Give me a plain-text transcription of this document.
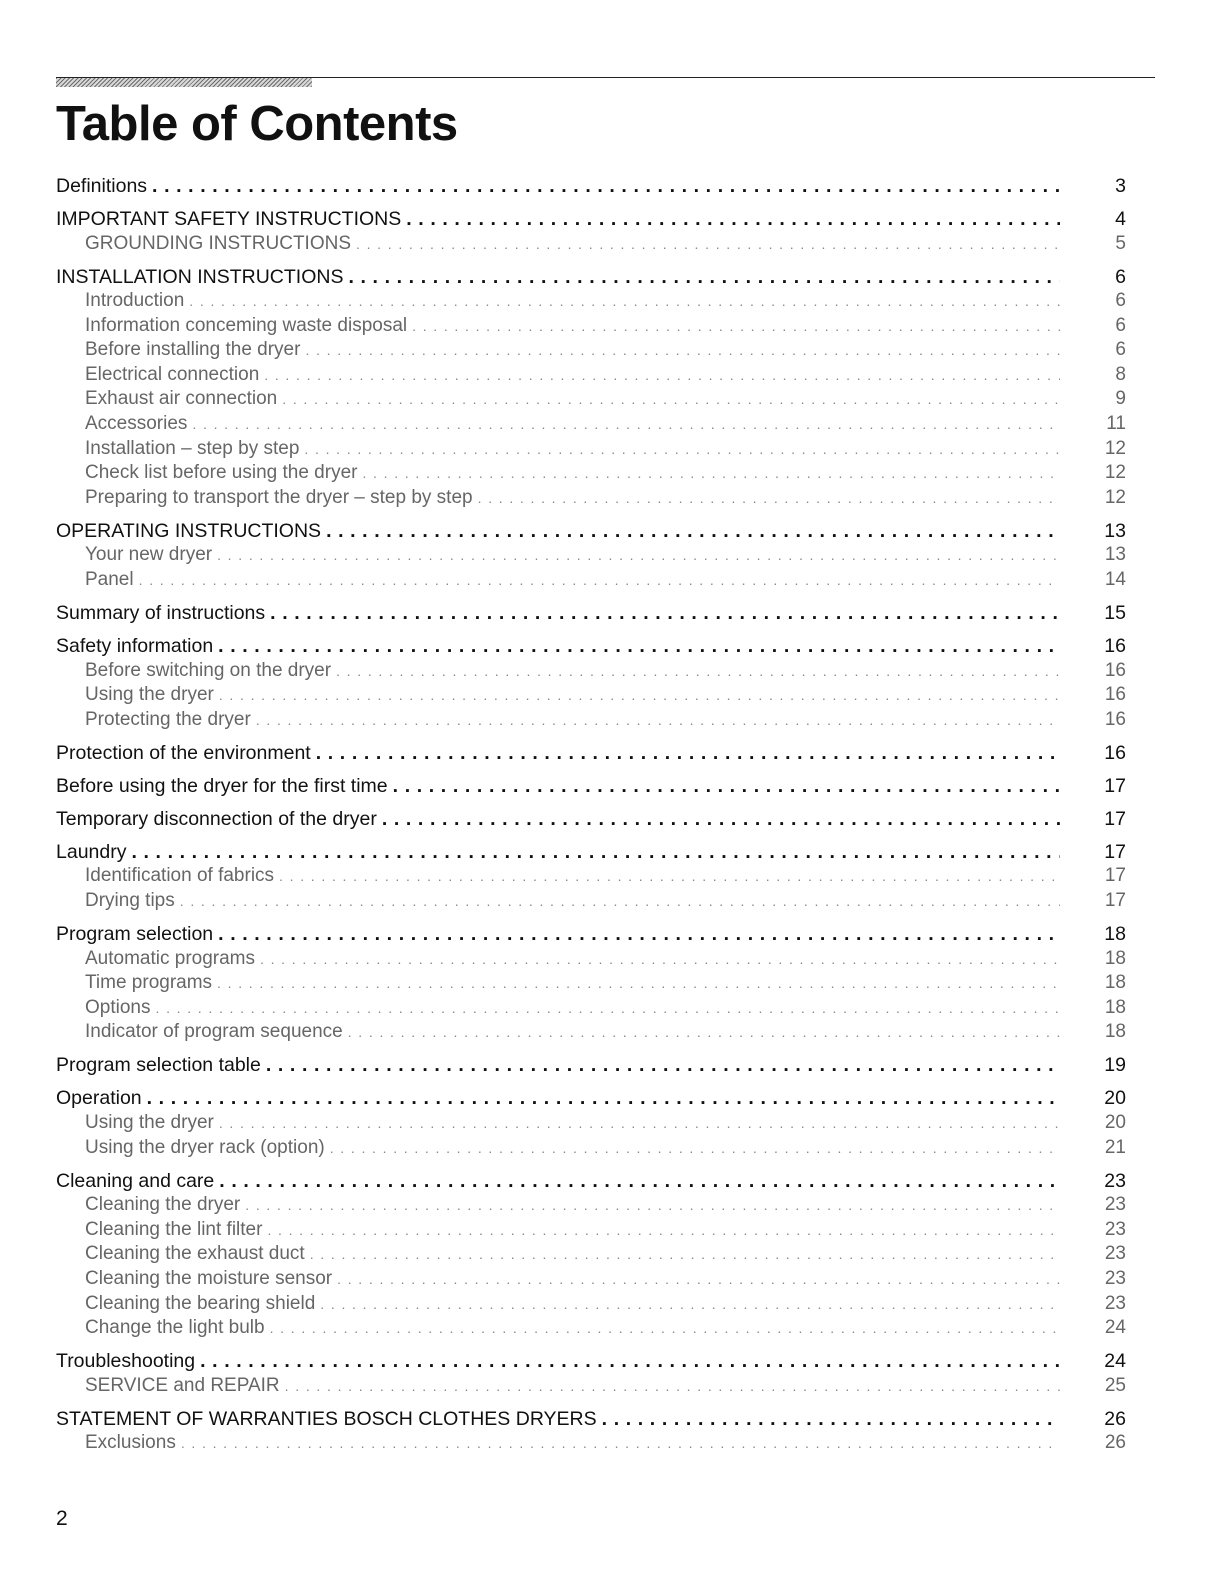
Table of Contents
Definitions . . .	3
IMPORTANT SAFETY INSTRUCTIONS . . .	4
GROUNDING INSTRUCTIONS . . .	5
INSTALLATION INSTRUCTIONS . . .	6
Introduction . . .	6
Information conceming waste disposal . . .	6
Before installing the dryer . . .	6
Electrical connection . . .	8
Exhaust air connection . . .	9
Accessories . . .	11
Installation – step by step . . .	12
Check list before using the dryer . . .	12
Preparing to transport the dryer – step by step . . .	12
OPERATING INSTRUCTIONS . . .	13
Your new dryer . . .	13
Panel . . .	14
Summary of instructions . . .	15
Safety information . . .	16
Before switching on the dryer . . .	16
Using the dryer . . .	16
Protecting the dryer . . .	16
Protection of the environment . . .	16
Before using the dryer for the first time . . .	17
Temporary disconnection of the dryer . . .	17
Laundry . . .	17
Identification of fabrics . . .	17
Drying tips . . .	17
Program selection . . .	18
Automatic programs . . .	18
Time programs . . .	18
Options . . .	18
Indicator of program sequence . . .	18
Program selection table . . .	19
Operation . . .	20
Using the dryer . . .	20
Using the dryer rack (option) . . .	21
Cleaning and care . . .	23
Cleaning the dryer . . .	23
Cleaning the lint filter . . .	23
Cleaning the exhaust duct . . .	23
Cleaning the moisture sensor . . .	23
Cleaning the bearing shield . . .	23
Change the light bulb . . .	24
Troubleshooting . . .	24
SERVICE and REPAIR . . .	25
STATEMENT OF WARRANTIES BOSCH CLOTHES DRYERS . . .	26
Exclusions . . .	26
2
